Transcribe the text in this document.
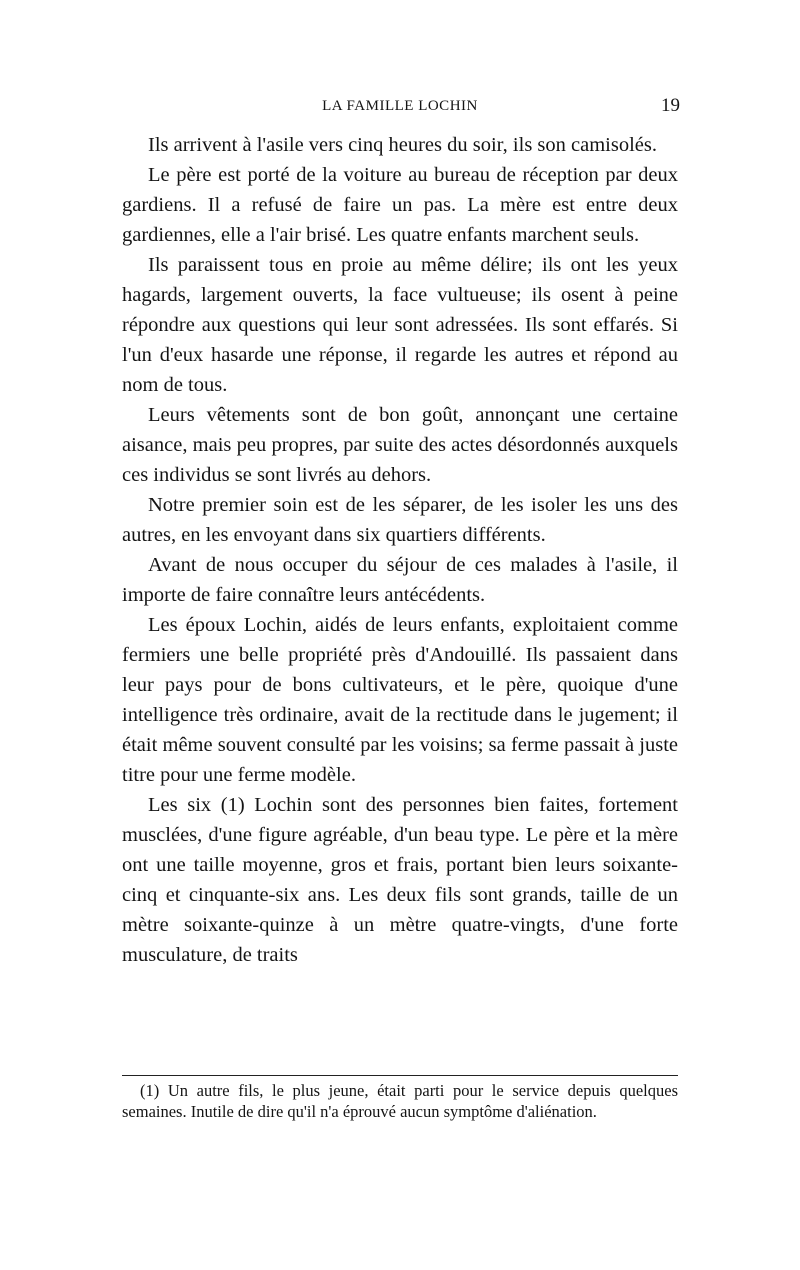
LA FAMILLE LOCHIN	19

Ils arrivent à l'asile vers cinq heures du soir, ils son camisolés.

Le père est porté de la voiture au bureau de réception par deux gardiens. Il a refusé de faire un pas. La mère est entre deux gardiennes, elle a l'air brisé. Les quatre enfants marchent seuls.

Ils paraissent tous en proie au même délire; ils ont les yeux hagards, largement ouverts, la face vultueuse; ils osent à peine répondre aux questions qui leur sont adressées. Ils sont effarés. Si l'un d'eux hasarde une réponse, il regarde les autres et répond au nom de tous.

Leurs vêtements sont de bon goût, annonçant une certaine aisance, mais peu propres, par suite des actes désordonnés auxquels ces individus se sont livrés au dehors.

Notre premier soin est de les séparer, de les isoler les uns des autres, en les envoyant dans six quartiers différents.

Avant de nous occuper du séjour de ces malades à l'asile, il importe de faire connaître leurs antécédents.

Les époux Lochin, aidés de leurs enfants, exploitaient comme fermiers une belle propriété près d'Andouillé. Ils passaient dans leur pays pour de bons cultivateurs, et le père, quoique d'une intelligence très ordinaire, avait de la rectitude dans le jugement; il était même souvent consulté par les voisins; sa ferme passait à juste titre pour une ferme modèle.

Les six (1) Lochin sont des personnes bien faites, fortement musclées, d'une figure agréable, d'un beau type. Le père et la mère ont une taille moyenne, gros et frais, portant bien leurs soixante-cinq et cinquante-six ans. Les deux fils sont grands, taille de un mètre soixante-quinze à un mètre quatre-vingts, d'une forte musculature, de traits

(1) Un autre fils, le plus jeune, était parti pour le service depuis quelques semaines. Inutile de dire qu'il n'a éprouvé aucun symptôme d'aliénation.
